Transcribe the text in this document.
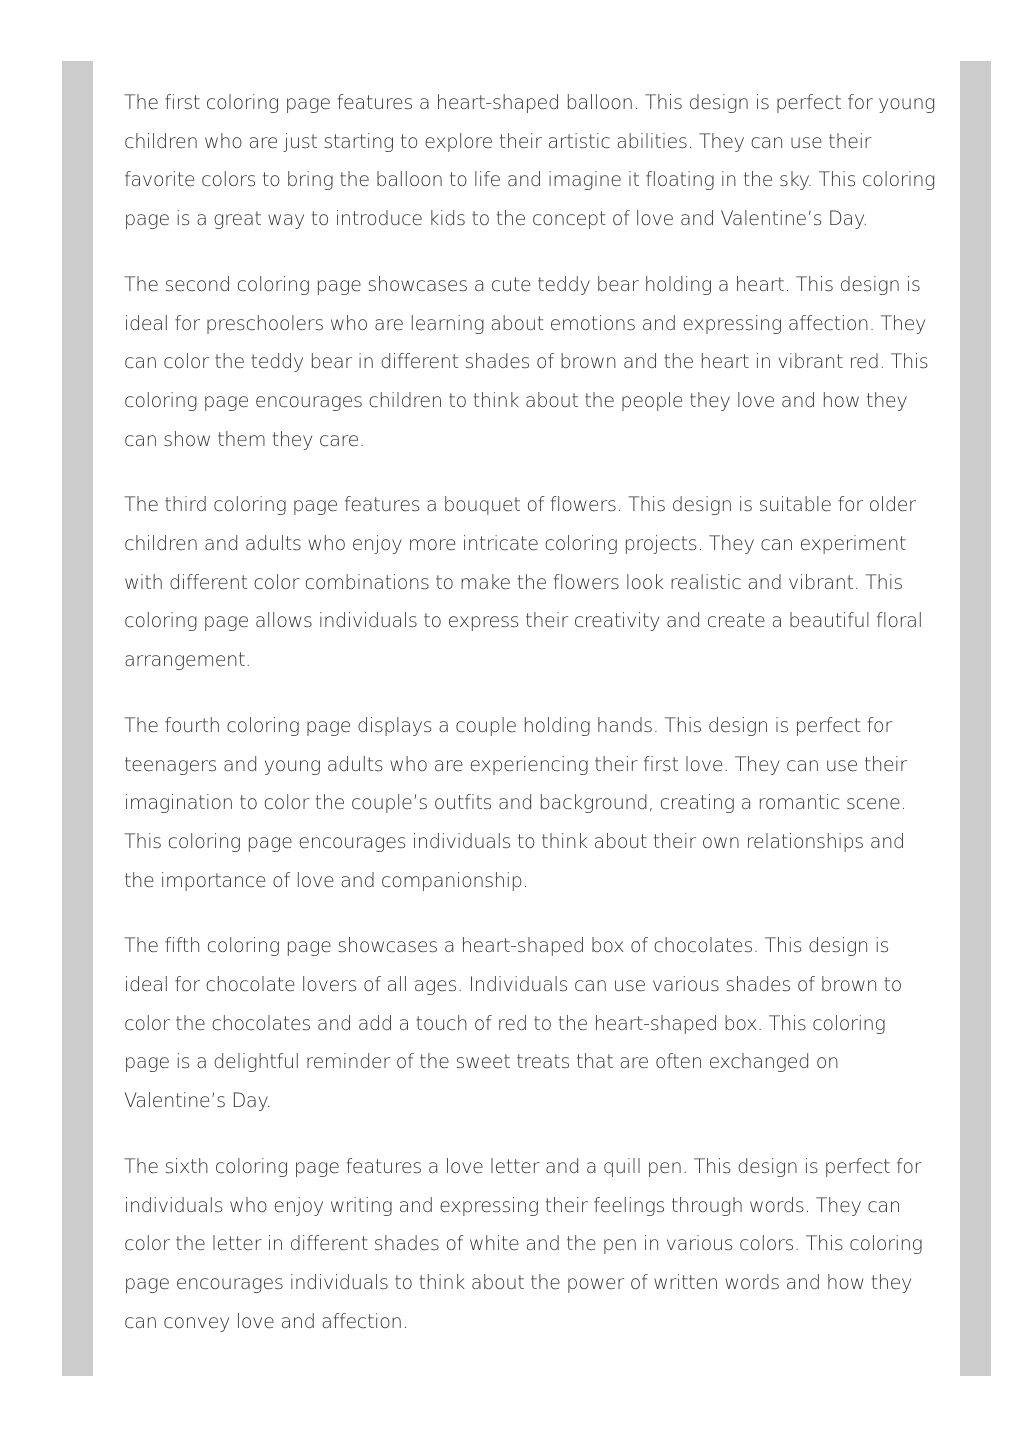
The first coloring page features a heart-shaped balloon. This design is perfect for young children who are just starting to explore their artistic abilities. They can use their favorite colors to bring the balloon to life and imagine it floating in the sky. This coloring page is a great way to introduce kids to the concept of love and Valentine’s Day.

The second coloring page showcases a cute teddy bear holding a heart. This design is ideal for preschoolers who are learning about emotions and expressing affection. They can color the teddy bear in different shades of brown and the heart in vibrant red. This coloring page encourages children to think about the people they love and how they can show them they care.

The third coloring page features a bouquet of flowers. This design is suitable for older children and adults who enjoy more intricate coloring projects. They can experiment with different color combinations to make the flowers look realistic and vibrant. This coloring page allows individuals to express their creativity and create a beautiful floral arrangement.

The fourth coloring page displays a couple holding hands. This design is perfect for teenagers and young adults who are experiencing their first love. They can use their imagination to color the couple’s outfits and background, creating a romantic scene. This coloring page encourages individuals to think about their own relationships and the importance of love and companionship.

The fifth coloring page showcases a heart-shaped box of chocolates. This design is ideal for chocolate lovers of all ages. Individuals can use various shades of brown to color the chocolates and add a touch of red to the heart-shaped box. This coloring page is a delightful reminder of the sweet treats that are often exchanged on Valentine’s Day.

The sixth coloring page features a love letter and a quill pen. This design is perfect for individuals who enjoy writing and expressing their feelings through words. They can color the letter in different shades of white and the pen in various colors. This coloring page encourages individuals to think about the power of written words and how they can convey love and affection.
